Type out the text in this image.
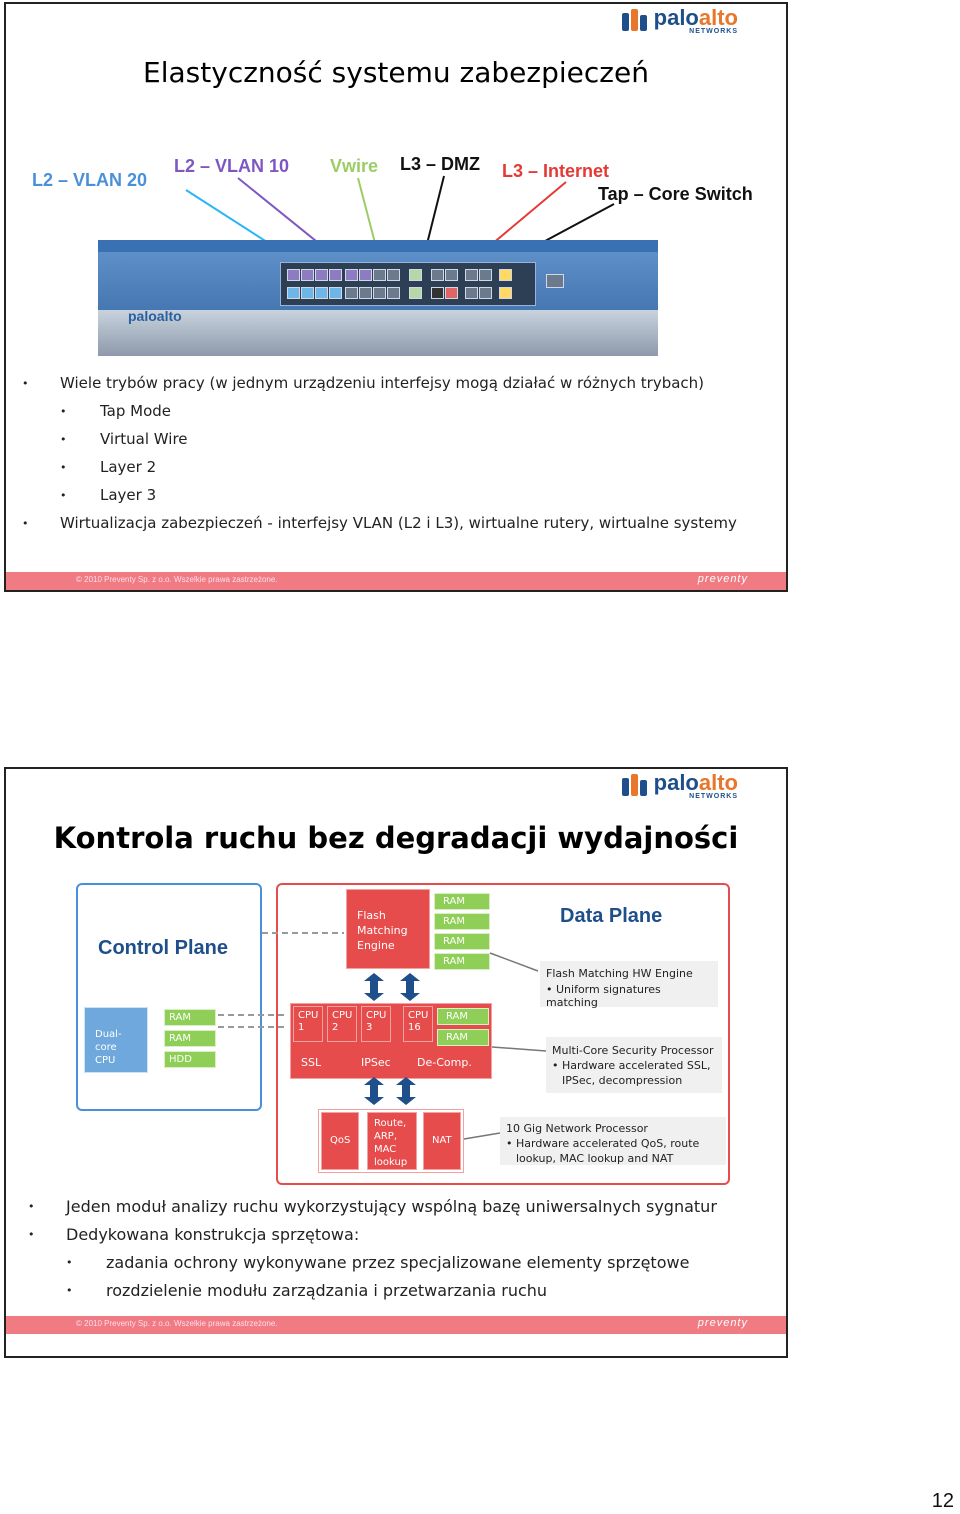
paloalto
NETWORKS
Elastyczność systemu zabezpieczeń
L2 – VLAN 20
L2 – VLAN 10 Vwire L3 – DMZ L3 – Internet
Tap – Core Switch
paloalto
• Wiele trybów pracy (w jednym urządzeniu interfejsy mogą działać w różnych trybach)
• Tap Mode
• Virtual Wire
• Layer 2
• Layer 3
• Wirtualizacja zabezpieczeń - interfejsy VLAN (L2 i L3), wirtualne rutery, wirtualne systemy
© 2010 Preventy Sp. z o.o. Wszelkie prawa zastrzeżone.	preventy
paloalto
NETWORKS
Kontrola ruchu bez degradacji wydajności
Control Plane
Dual-core CPU
RAM
RAM
HDD
Data Plane
Flash Matching Engine
RAM
RAM
RAM
RAM
CPU 1
CPU 2
CPU 3
CPU 16
RAM
RAM
SSL	IPSec De-Comp.
QoS
Route, ARP, MAC lookup
NAT
Flash Matching HW Engine
• Uniform signatures matching
Multi-Core Security Processor
• Hardware accelerated SSL, IPSec, decompression
10 Gig Network Processor
• Hardware accelerated QoS, route lookup, MAC lookup and NAT
• Jeden moduł analizy ruchu wykorzystujący wspólną bazę uniwersalnych sygnatur
• Dedykowana konstrukcja sprzętowa:
• zadania ochrony wykonywane przez specjalizowane elementy sprzętowe
• rozdzielenie modułu zarządzania i przetwarzania ruchu
© 2010 Preventy Sp. z o.o. Wszelkie prawa zastrzeżone.	preventy
12
